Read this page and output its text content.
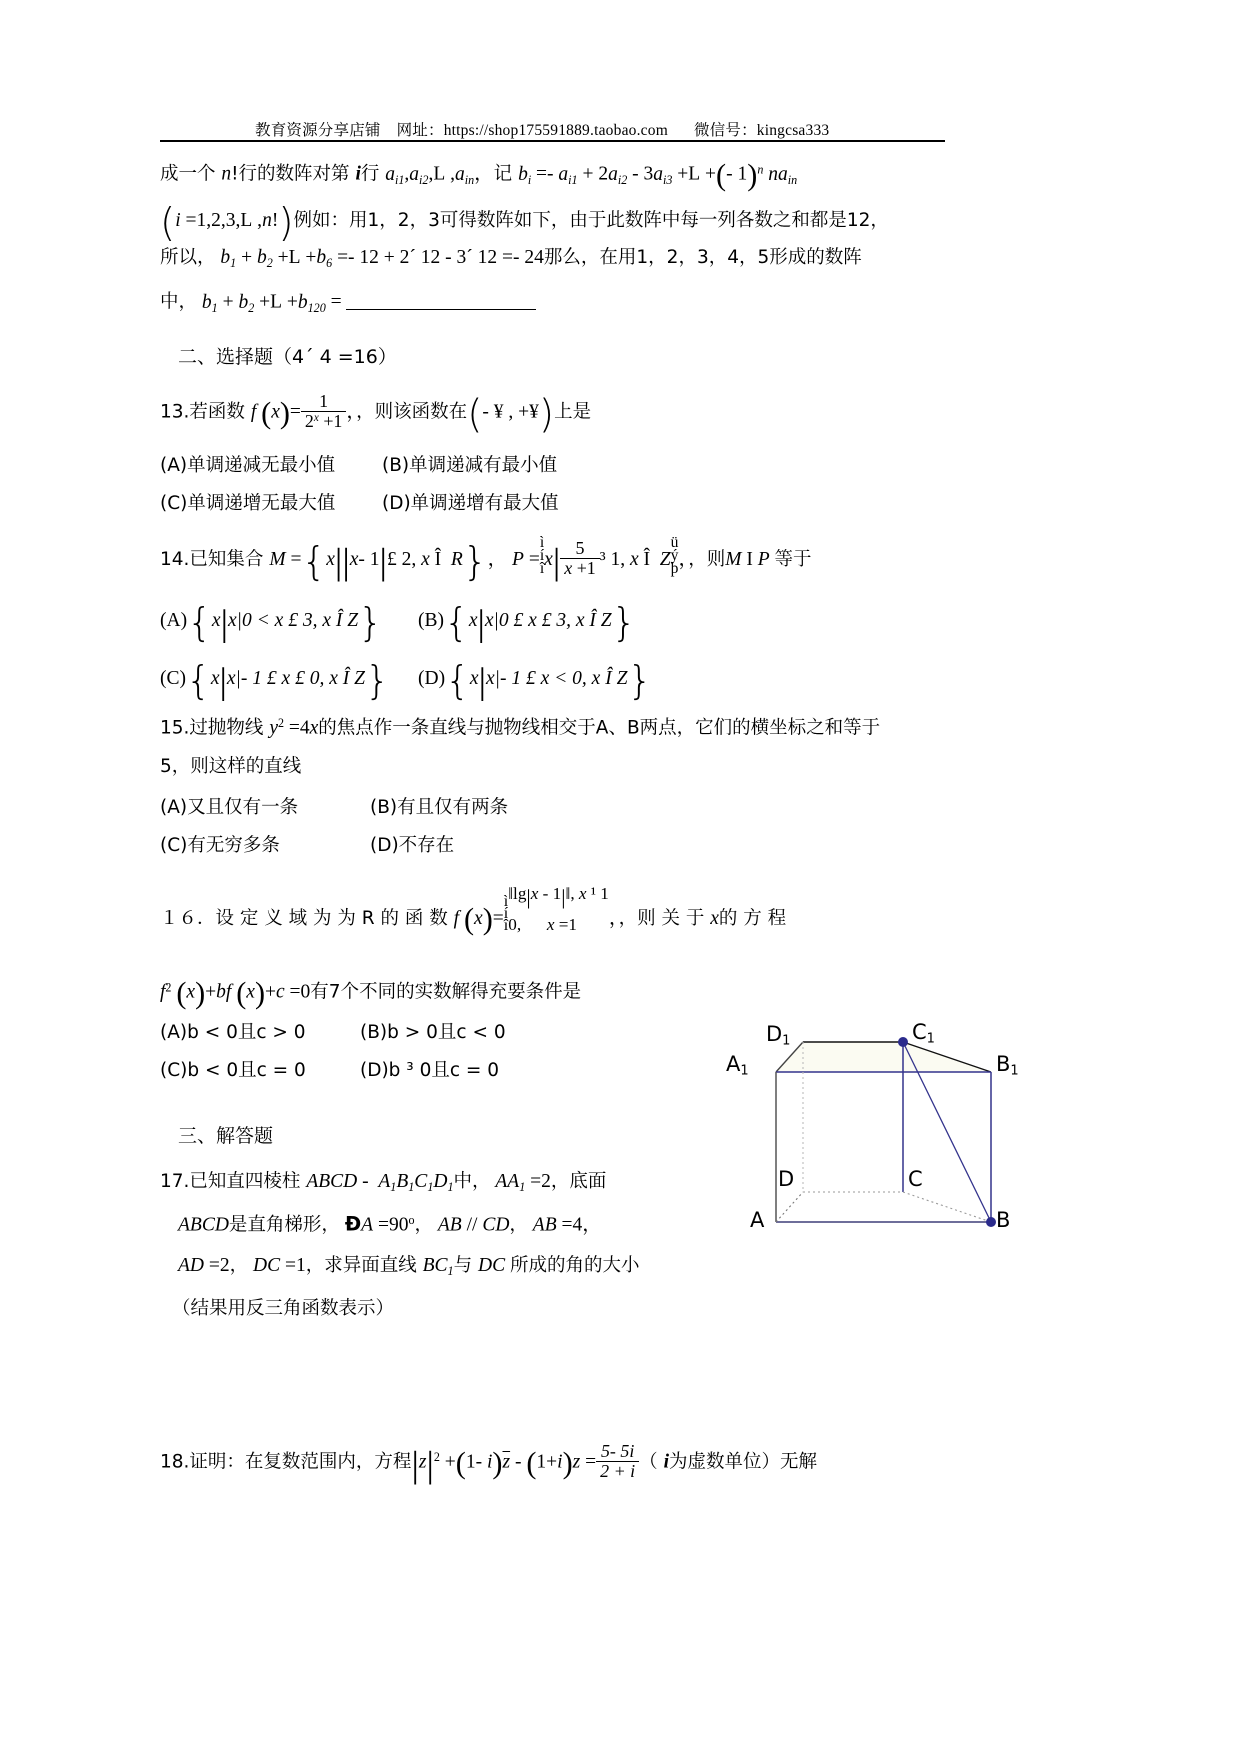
教育资源分享店铺 网址：https://shop175591889.taobao.com 微信号：kingcsa333
成一个 n!行的数阵对第 i行 $a_{i1},a_{i2},L$ $,a_{in}$，记 $b_i =- a_{i1} + 2a_{i2} - 3a_{i3} +L$ +(- 1)$^n$ $na_{in}$
(i =1,2,3,L ,n!)例如：用1，2，3可得数阵如下，由于此数阵中每一列各数之和都是12，
所以， $b_1 + b_2 +L +b_6 =- 12$ + 2´ 12 - 3´ 12 =- 24那么，在用1，2，3，4，5形成的数阵
中， $b_1 + b_2 +L +b_{120}$ =
二、选择题（4´ 4 =16）
13.若函数 f $(x)= \frac{1}{2^x +1}$ ，，则该函数在(- ¥ , +¥)上是
(A)单调递减无最小值	(B)单调递减有最小值
(C)单调递增无最大值	(D)单调递增有最大值
14.已知集合 M ={x||x- 1|£ 2, x Î  R}， P =ì
í
îx| $\frac{5}{x +1} ^3$ 1, x Î  Zü
ý
þ，，则M I P 等于
(A){x|x|0 < x £ 3, x Î Z} (B){x|x|0 £ x £ 3, x Î Z}
(C){x|x|- 1 £ x £ 0, x Î Z} (D){x|x|- 1 £ x < 0, x Î Z}
15.过抛物线 $y^2 =4x$的焦点作一条直线与抛物线相交于A、B两点，它们的横坐标之和等于
5，则这样的直线
(A)又且仅有一条	(B)有且仅有两条
(C)有无穷多条	(D)不存在
１６．设 定 义 域 为 为 R 的 函 数 f (x)=ì
í
î
‖lg|x - 1|‖, x ¹ 1
0,      x =1	，，则 关 于 x的 方 程
$f^2$ (x)+bf (x)+c =0有7个不同的实数解得充要条件是
(A)b < 0且c > 0	(B)b > 0且c < 0
(C)b < 0且c = 0	(D)b ³ 0且c = 0
三、解答题
17.已知直四棱柱 ABCD -  $A_1B_1C_1D_1$中， $AA_1 =2$，底面
ABCD是直角梯形， ÐA $=90^o$， AB // CD， AB =4，
AD =2， DC =1，求异面直线 $BC_1$与 DC 所成的角的大小
（结果用反三角函数表示）
18.证明：在复数范围内，方程$|z|^2 +(1-$ $i)\overline{z} - (1+i)z = \frac{5- 5i}{2 + i}$ （ i为虚数单位）无解
D1
A1
C1
B1
D	C
A	B
